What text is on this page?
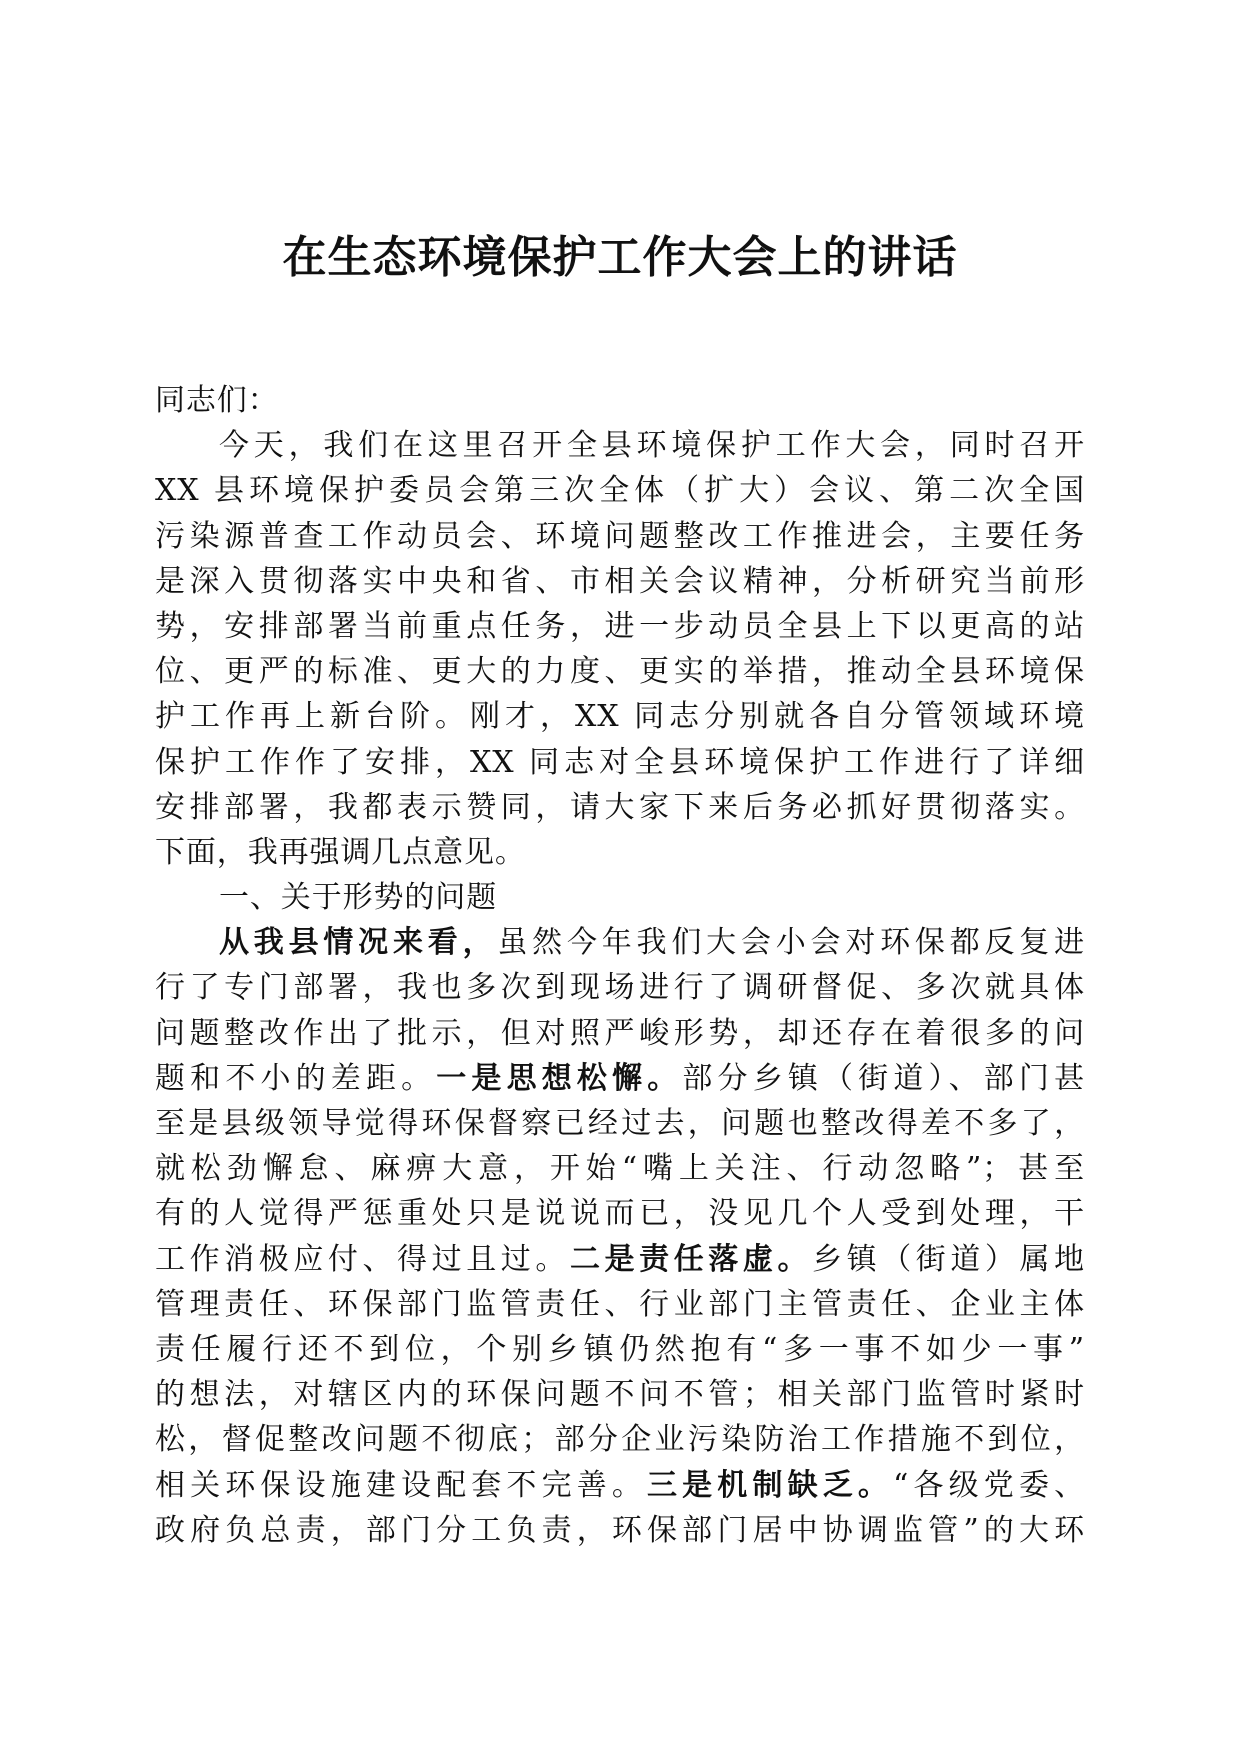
在生态环境保护工作大会上的讲话
同志们：
今天，我们在这里召开全县环境保护工作大会，同时召开
XX 县环境保护委员会第三次全体（扩大）会议、第二次全国
污染源普查工作动员会、环境问题整改工作推进会，主要任务
是深入贯彻落实中央和省、市相关会议精神，分析研究当前形
势，安排部署当前重点任务，进一步动员全县上下以更高的站
位、更严的标准、更大的力度、更实的举措，推动全县环境保
护工作再上新台阶。刚才，XX 同志分别就各自分管领域环境
保护工作作了安排，XX 同志对全县环境保护工作进行了详细
安排部署，我都表示赞同，请大家下来后务必抓好贯彻落实。
下面，我再强调几点意见。
一、关于形势的问题
从我县情况来看，虽然今年我们大会小会对环保都反复进
行了专门部署，我也多次到现场进行了调研督促、多次就具体
问题整改作出了批示，但对照严峻形势，却还存在着很多的问
题和不小的差距。一是思想松懈。部分乡镇（街道）、部门甚
至是县级领导觉得环保督察已经过去，问题也整改得差不多了，
就松劲懈怠、麻痹大意，开始“嘴上关注、行动忽略”；甚至
有的人觉得严惩重处只是说说而已，没见几个人受到处理，干
工作消极应付、得过且过。二是责任落虚。乡镇（街道）属地
管理责任、环保部门监管责任、行业部门主管责任、企业主体
责任履行还不到位，个别乡镇仍然抱有“多一事不如少一事”
的想法，对辖区内的环保问题不问不管；相关部门监管时紧时
松，督促整改问题不彻底；部分企业污染防治工作措施不到位，
相关环保设施建设配套不完善。三是机制缺乏。“各级党委、
政府负总责，部门分工负责，环保部门居中协调监管”的大环
